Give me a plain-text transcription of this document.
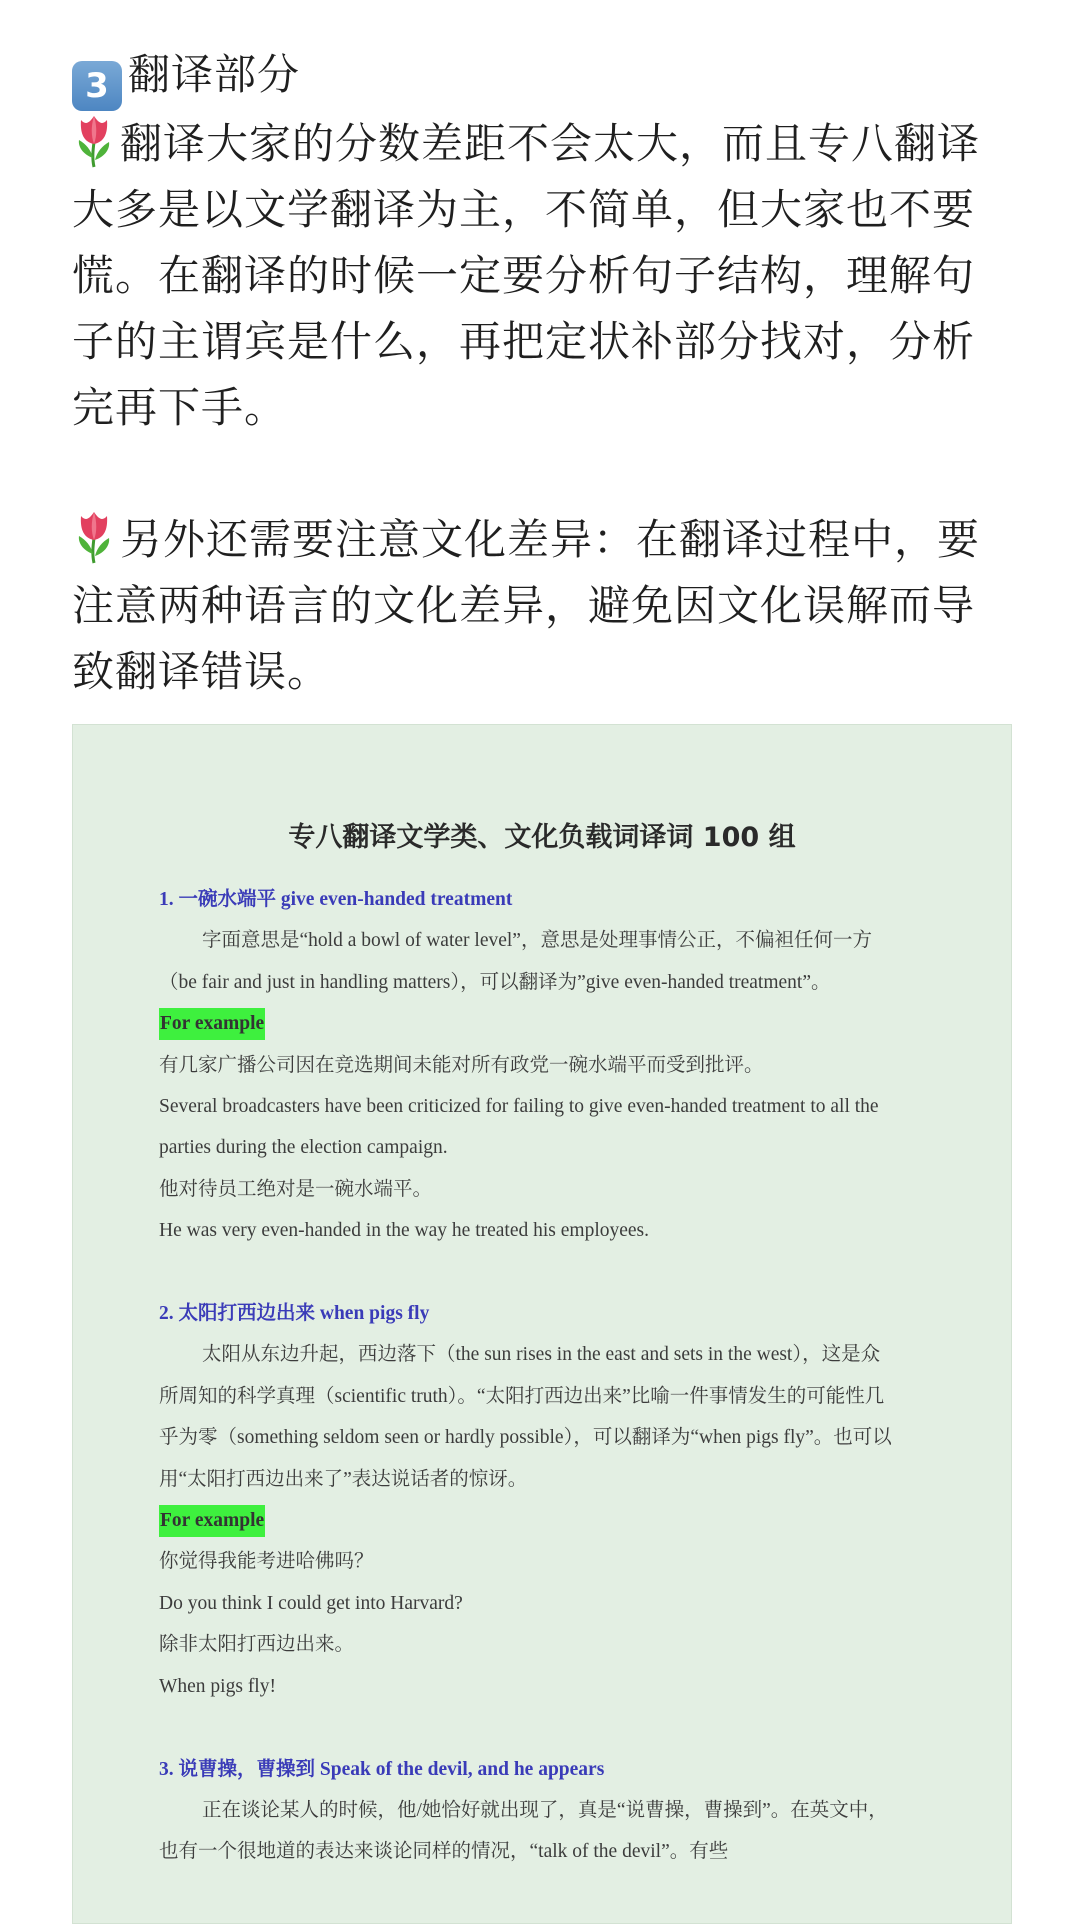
3 翻译部分

翻译大家的分数差距不会太大，而且专八翻译大多是以文学翻译为主，不简单，但大家也不要慌。在翻译的时候一定要分析句子结构，理解句子的主谓宾是什么，再把定状补部分找对，分析完再下手。

另外还需要注意文化差异：在翻译过程中，要注意两种语言的文化差异，避免因文化误解而导致翻译错误。

专八翻译文学类、文化负载词译词 100 组

1. 一碗水端平 give even-handed treatment

字面意思是“hold a bowl of water level”，意思是处理事情公正，不偏袒任何一方（be fair and just in handling matters），可以翻译为”give even-handed treatment”。

For example

有几家广播公司因在竞选期间未能对所有政党一碗水端平而受到批评。

Several broadcasters have been criticized for failing to give even-handed treatment to all the parties during the election campaign.

他对待员工绝对是一碗水端平。

He was very even-handed in the way he treated his employees.

2. 太阳打西边出来 when pigs fly

太阳从东边升起，西边落下（the sun rises in the east and sets in the west），这是众所周知的科学真理（scientific truth）。“太阳打西边出来”比喻一件事情发生的可能性几乎为零（something seldom seen or hardly possible），可以翻译为“when pigs fly”。也可以用“太阳打西边出来了”表达说话者的惊讶。

For example

你觉得我能考进哈佛吗？

Do you think I could get into Harvard?

除非太阳打西边出来。

When pigs fly!

3. 说曹操，曹操到 Speak of the devil, and he appears

正在谈论某人的时候，他/她恰好就出现了，真是“说曹操，曹操到”。在英文中，也有一个很地道的表达来谈论同样的情况，“talk of the devil”。有些
